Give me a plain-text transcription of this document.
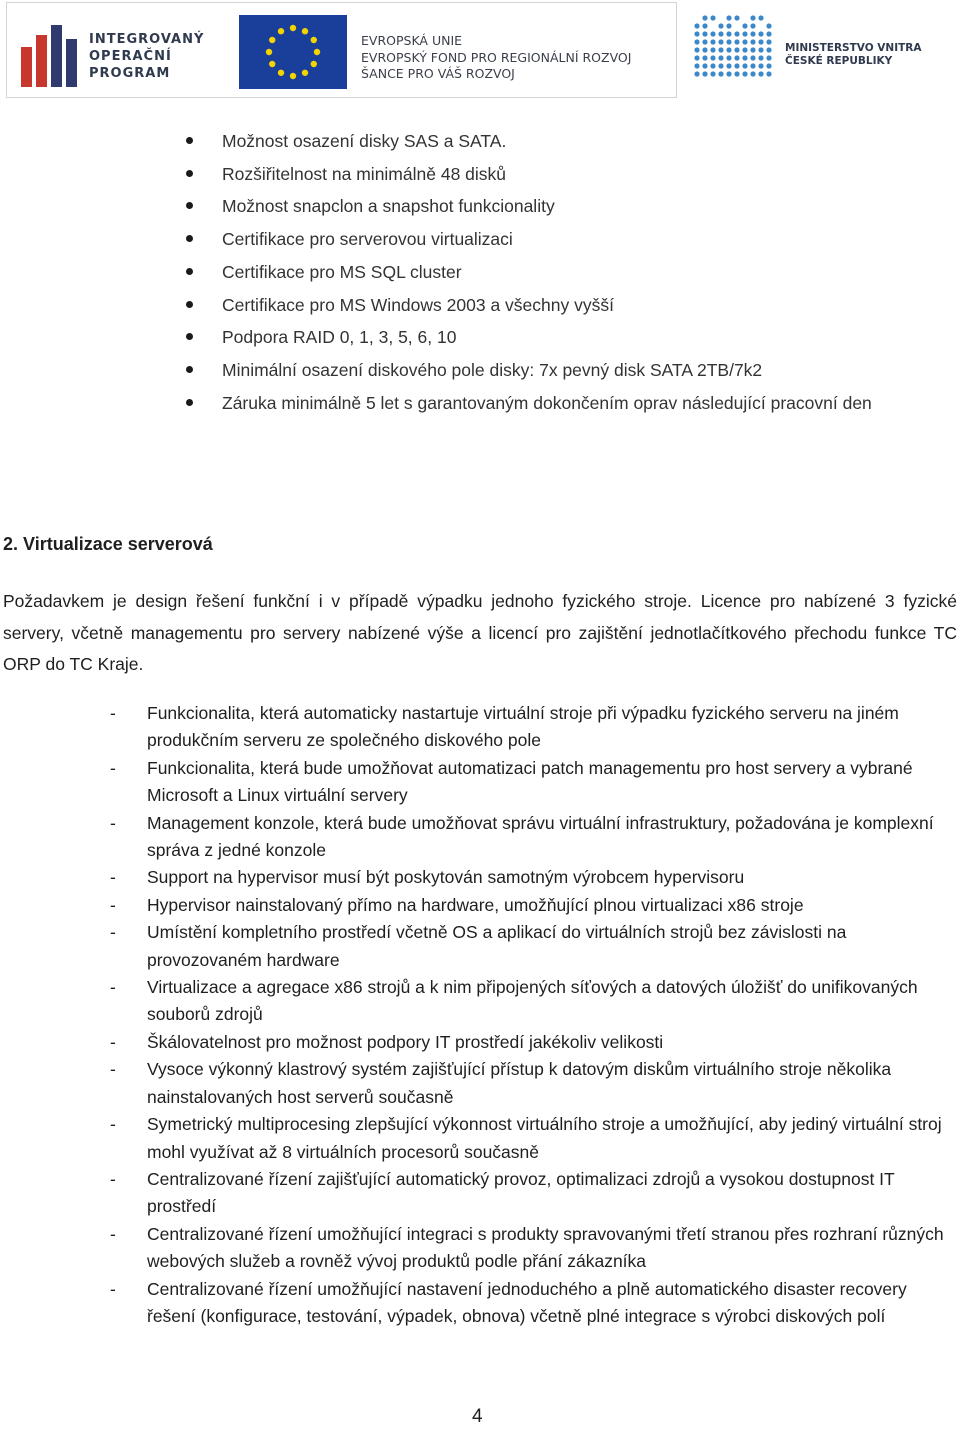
INTEGROVANÝ
OPERAČNÍ
PROGRAM
EVROPSKÁ UNIE
EVROPSKÝ FOND PRO REGIONÁLNÍ ROZVOJ
ŠANCE PRO VÁŠ ROZVOJ
MINISTERSTVO VNITRA
ČESKÉ REPUBLIKY
Možnost osazení disky SAS a SATA.
Rozšiřitelnost na minimálně 48 disků
Možnost snapclon a snapshot funkcionality
Certifikace pro serverovou virtualizaci
Certifikace pro MS SQL cluster
Certifikace pro MS Windows 2003 a všechny vyšší
Podpora RAID 0, 1, 3, 5, 6, 10
Minimální osazení diskového pole disky: 7x pevný disk SATA 2TB/7k2
Záruka minimálně 5 let s garantovaným dokončením oprav následující pracovní den
2. Virtualizace serverová

Požadavkem je design řešení funkční i v případě výpadku jednoho fyzického stroje. Licence pro nabízené 3 fyzické servery, včetně managementu pro servery nabízené výše a licencí pro zajištění jednotlačítkového přechodu funkce TC ORP do TC Kraje.

- Funkcionalita, která automaticky nastartuje virtuální stroje při výpadku fyzického serveru na jiném produkčním serveru ze společného diskového pole
- Funkcionalita, která bude umožňovat automatizaci patch managementu pro host servery a vybrané Microsoft a Linux virtuální servery
- Management konzole, která bude umožňovat správu virtuální infrastruktury, požadována je komplexní správa z jedné konzole
- Support na hypervisor musí být poskytován samotným výrobcem hypervisoru
- Hypervisor nainstalovaný přímo na hardware, umožňující plnou virtualizaci x86 stroje
- Umístění kompletního prostředí včetně OS a aplikací do virtuálních strojů bez závislosti na provozovaném hardware
- Virtualizace a agregace x86 strojů a k nim připojených síťových a datových úložišť do unifikovaných souborů zdrojů
- Škálovatelnost pro možnost podpory IT prostředí jakékoliv velikosti
- Vysoce výkonný klastrový systém zajišťující přístup k datovým diskům virtuálního stroje několika nainstalovaných host serverů současně
- Symetrický multiprocesing zlepšující výkonnost virtuálního stroje a umožňující, aby jediný virtuální stroj mohl využívat až 8 virtuálních procesorů současně
- Centralizované řízení zajišťující automatický provoz, optimalizaci zdrojů a vysokou dostupnost IT prostředí
- Centralizované řízení umožňující integraci s produkty spravovanými třetí stranou přes rozhraní různých webových služeb a rovněž vývoj produktů podle přání zákazníka
- Centralizované řízení umožňující nastavení jednoduchého a plně automatického disaster recovery řešení (konfigurace, testování, výpadek, obnova) včetně plné integrace s výrobci diskových polí
4
